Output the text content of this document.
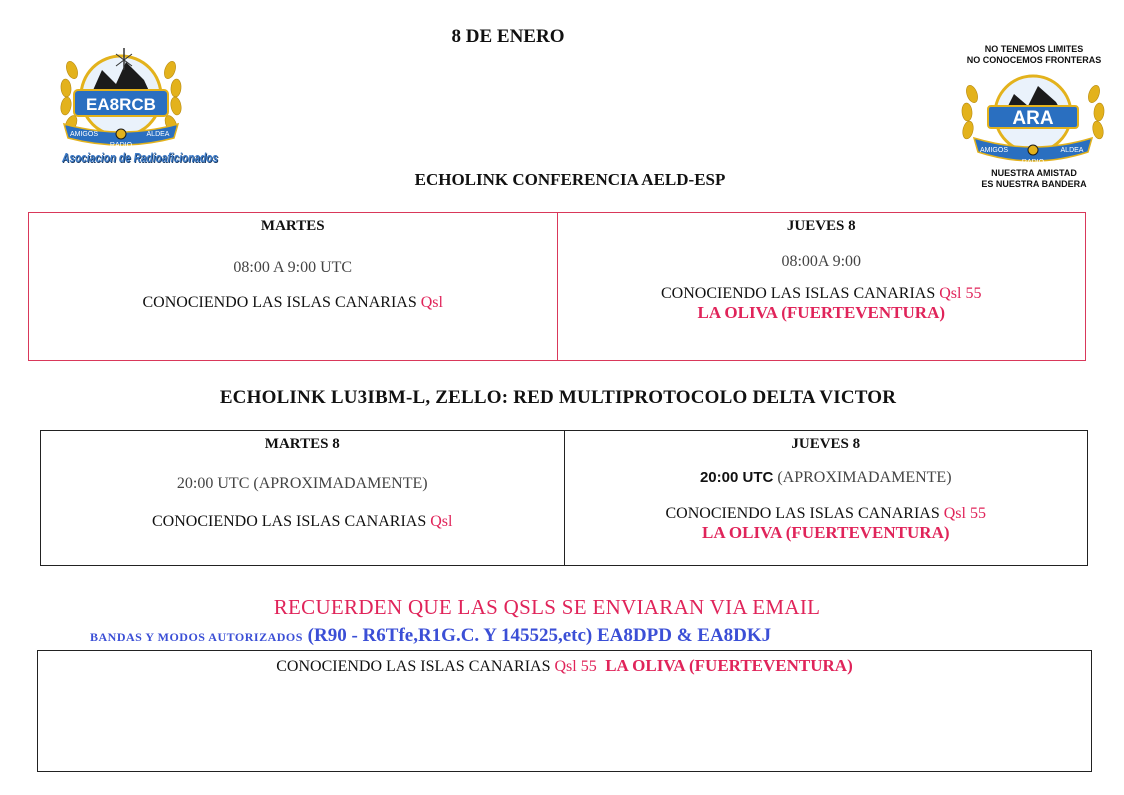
8 DE ENERO
EA8RCB
AMIGOS	ALDEA
RADIO
Asociacion de Radioaficionados
NO TENEMOS LIMITES
NO CONOCEMOS FRONTERAS
ARA
AMIGOS	ALDEA
RADIO
NUESTRA AMISTAD
ES NUESTRA BANDERA
ECHOLINK CONFERENCIA AELD-ESP
MARTES
08:00 A 9:00 UTC
CONOCIENDO LAS ISLAS CANARIAS Qsl
JUEVES 8
08:00A 9:00
CONOCIENDO LAS ISLAS CANARIAS Qsl 55
LA OLIVA (FUERTEVENTURA)
ECHOLINK LU3IBM-L, ZELLO: RED MULTIPROTOCOLO DELTA VICTOR
MARTES 8
20:00 UTC (APROXIMADAMENTE)
CONOCIENDO LAS ISLAS CANARIAS Qsl
JUEVES 8
20:00 UTC (APROXIMADAMENTE)
CONOCIENDO LAS ISLAS CANARIAS Qsl 55
LA OLIVA (FUERTEVENTURA)
RECUERDEN QUE LAS QSLS SE ENVIARAN VIA EMAIL
BANDAS Y MODOS AUTORIZADOS (R90 - R6Tfe,R1G.C. Y 145525,etc) EA8DPD & EA8DKJ
CONOCIENDO LAS ISLAS CANARIAS Qsl 55  LA OLIVA (FUERTEVENTURA)
